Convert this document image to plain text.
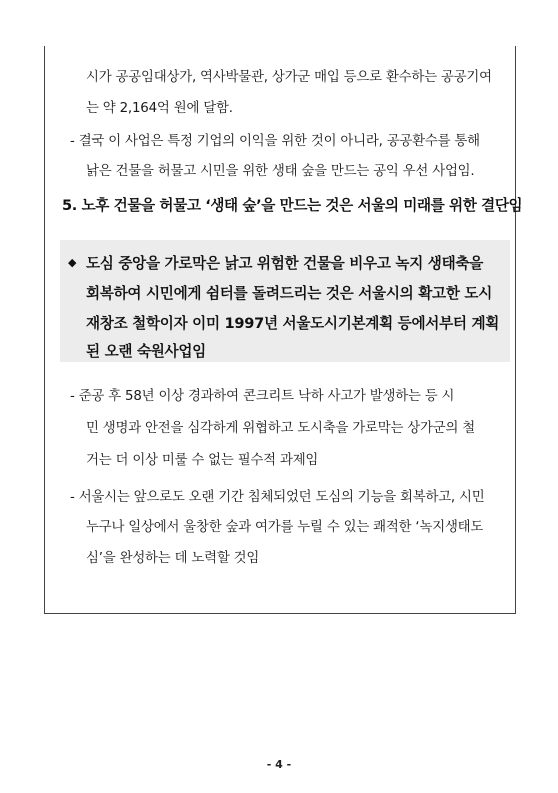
시가 공공임대상가, 역사박물관, 상가군 매입 등으로 환수하는 공공기여
는 약 2,164억 원에 달함.
- 결국 이 사업은 특정 기업의 이익을 위한 것이 아니라, 공공환수를 통해
낡은 건물을 허물고 시민을 위한 생태 숲을 만드는 공익 우선 사업임.
5. 노후 건물을 허물고 ‘생태 숲’을 만드는 것은 서울의 미래를 위한 결단임
◆ 도심 중앙을 가로막은 낡고 위험한 건물을 비우고 녹지 생태축을
회복하여 시민에게 쉼터를 돌려드리는 것은 서울시의 확고한 도시
재창조 철학이자 이미 1997년 서울도시기본계획 등에서부터 계획
된 오랜 숙원사업임
- 준공 후 58년 이상 경과하여 콘크리트 낙하 사고가 발생하는 등 시
민 생명과 안전을 심각하게 위협하고 도시축을 가로막는 상가군의 철
거는 더 이상 미룰 수 없는 필수적 과제임
- 서울시는 앞으로도 오랜 기간 침체되었던 도심의 기능을 회복하고, 시민
누구나 일상에서 울창한 숲과 여가를 누릴 수 있는 쾌적한 ‘녹지생태도
심’을 완성하는 데 노력할 것임
- 4 -
